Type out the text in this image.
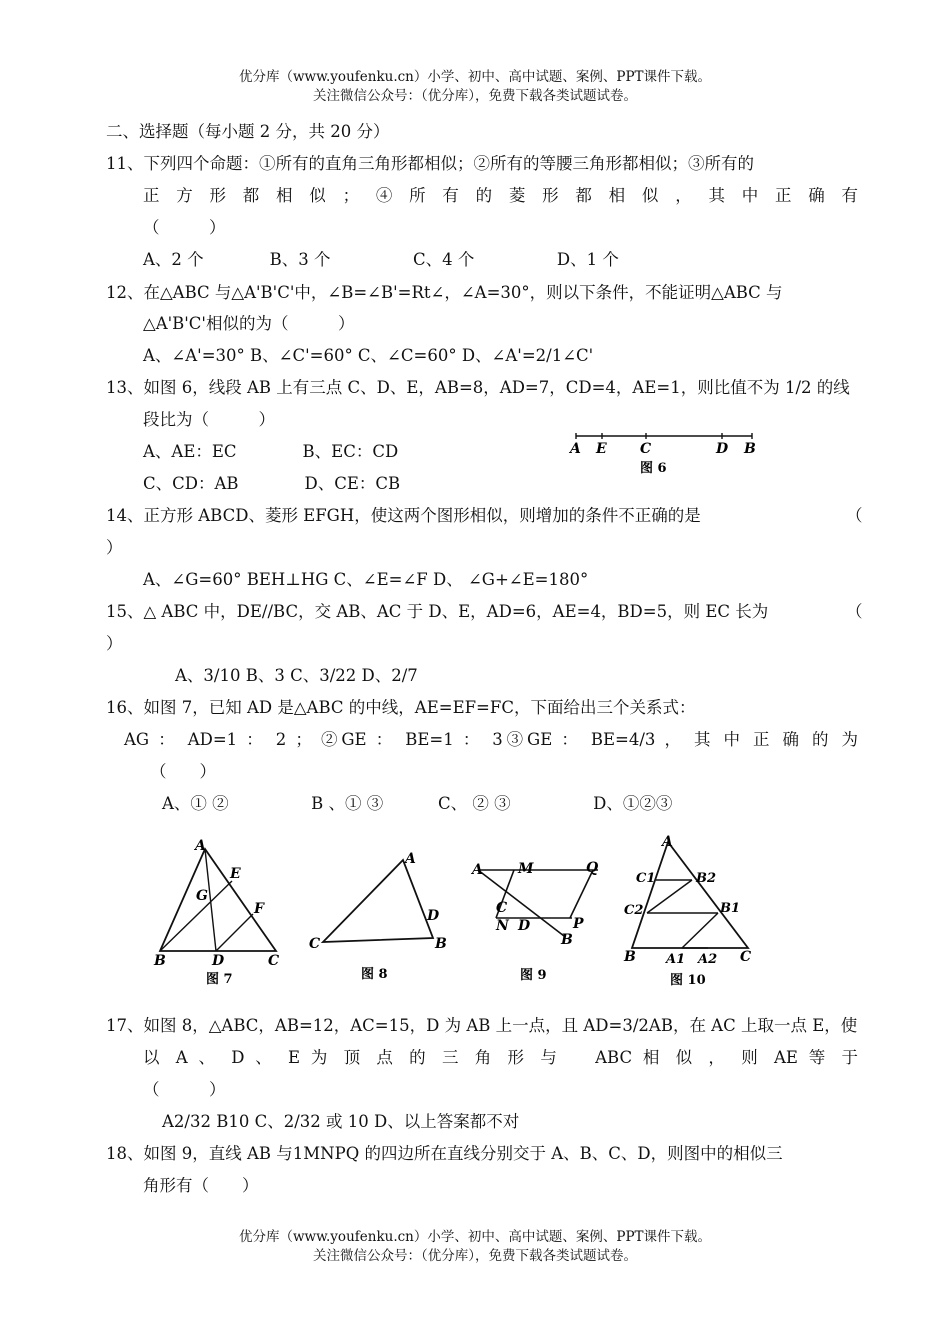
优分库（www.youfenku.cn）小学、初中、高中试题、案例、PPT课件下载。
关注微信公众号：（优分库），免费下载各类试题试卷。
二、选择题（每小题 2 分，共 20 分）
11、下列四个命题：①所有的直角三角形都相似；②所有的等腰三角形都相似；③所有的
正方形都相似；④所有的菱形都相似，其中正确有
（　　　）
A、2 个　　　　B、3 个　　　　　C、4 个　　　　　D、1 个
12、在△ABC 与△A'B'C'中，∠B=∠B'=Rt∠，∠A=30°，则以下条件，不能证明△ABC 与
△A'B'C'相似的为（　　　）
A、∠A'=30° B、∠C'=60° C、∠C=60° D、∠A'=2/1∠C'
13、如图 6，线段 AB 上有三点 C、D、E，AB=8，AD=7，CD=4，AE=1，则比值不为 1/2 的线
段比为（　　　）
A、AE：EC　　　　B、EC：CD
C、CD：AB　　　　D、CE：CB
A E C	D B
图 6
14、正方形 ABCD、菱形 EFGH，使这两个图形相似，则增加的条件不正确的是	（
）
A、∠G=60° BEH⊥HG C、∠E=∠F D、 ∠G+∠E=180°
15、△ ABC 中，DE//BC，交 AB、AC 于 D、E，AD=6，AE=4，BD=5，则 EC 长为	（
）
A、3/10 B、3 C、3/22 D、2/7
16、如图 7，已知 AD 是△ABC 的中线，AE=EF=FC，下面给出三个关系式：
AG ： AD=1 ： 2 ； ②GE ： BE=1 ： 3③GE ： BE=4/3 ， 其 中 正 确 的 为
（　　）
A、① ②　　　　　B 、① ③　　　 C、 ② ③　　　　　D、①②③
A
E
G
F
B	D	C
图 7
A
D
C	B
图 8
A	M	Q
C
N D	P
B
图 9
A
C1	B2
C2	B1
B A1 A2 C
图 10
17、如图 8，△ABC，AB=12，AC=15，D 为 AB 上一点，且 AD=3/2AB，在 AC 上取一点 E，使
以 A 、 D 、 E 为 顶 点 的 三 角 形 与 　ABC 相 似 ， 则 AE 等 于
（　　　）
A2/32 B10 C、2/32 或 10 D、以上答案都不对
18、如图 9，直线 AB 与1MNPQ 的四边所在直线分别交于 A、B、C、D，则图中的相似三
角形有（　　）
优分库（www.youfenku.cn）小学、初中、高中试题、案例、PPT课件下载。
关注微信公众号：（优分库），免费下载各类试题试卷。
